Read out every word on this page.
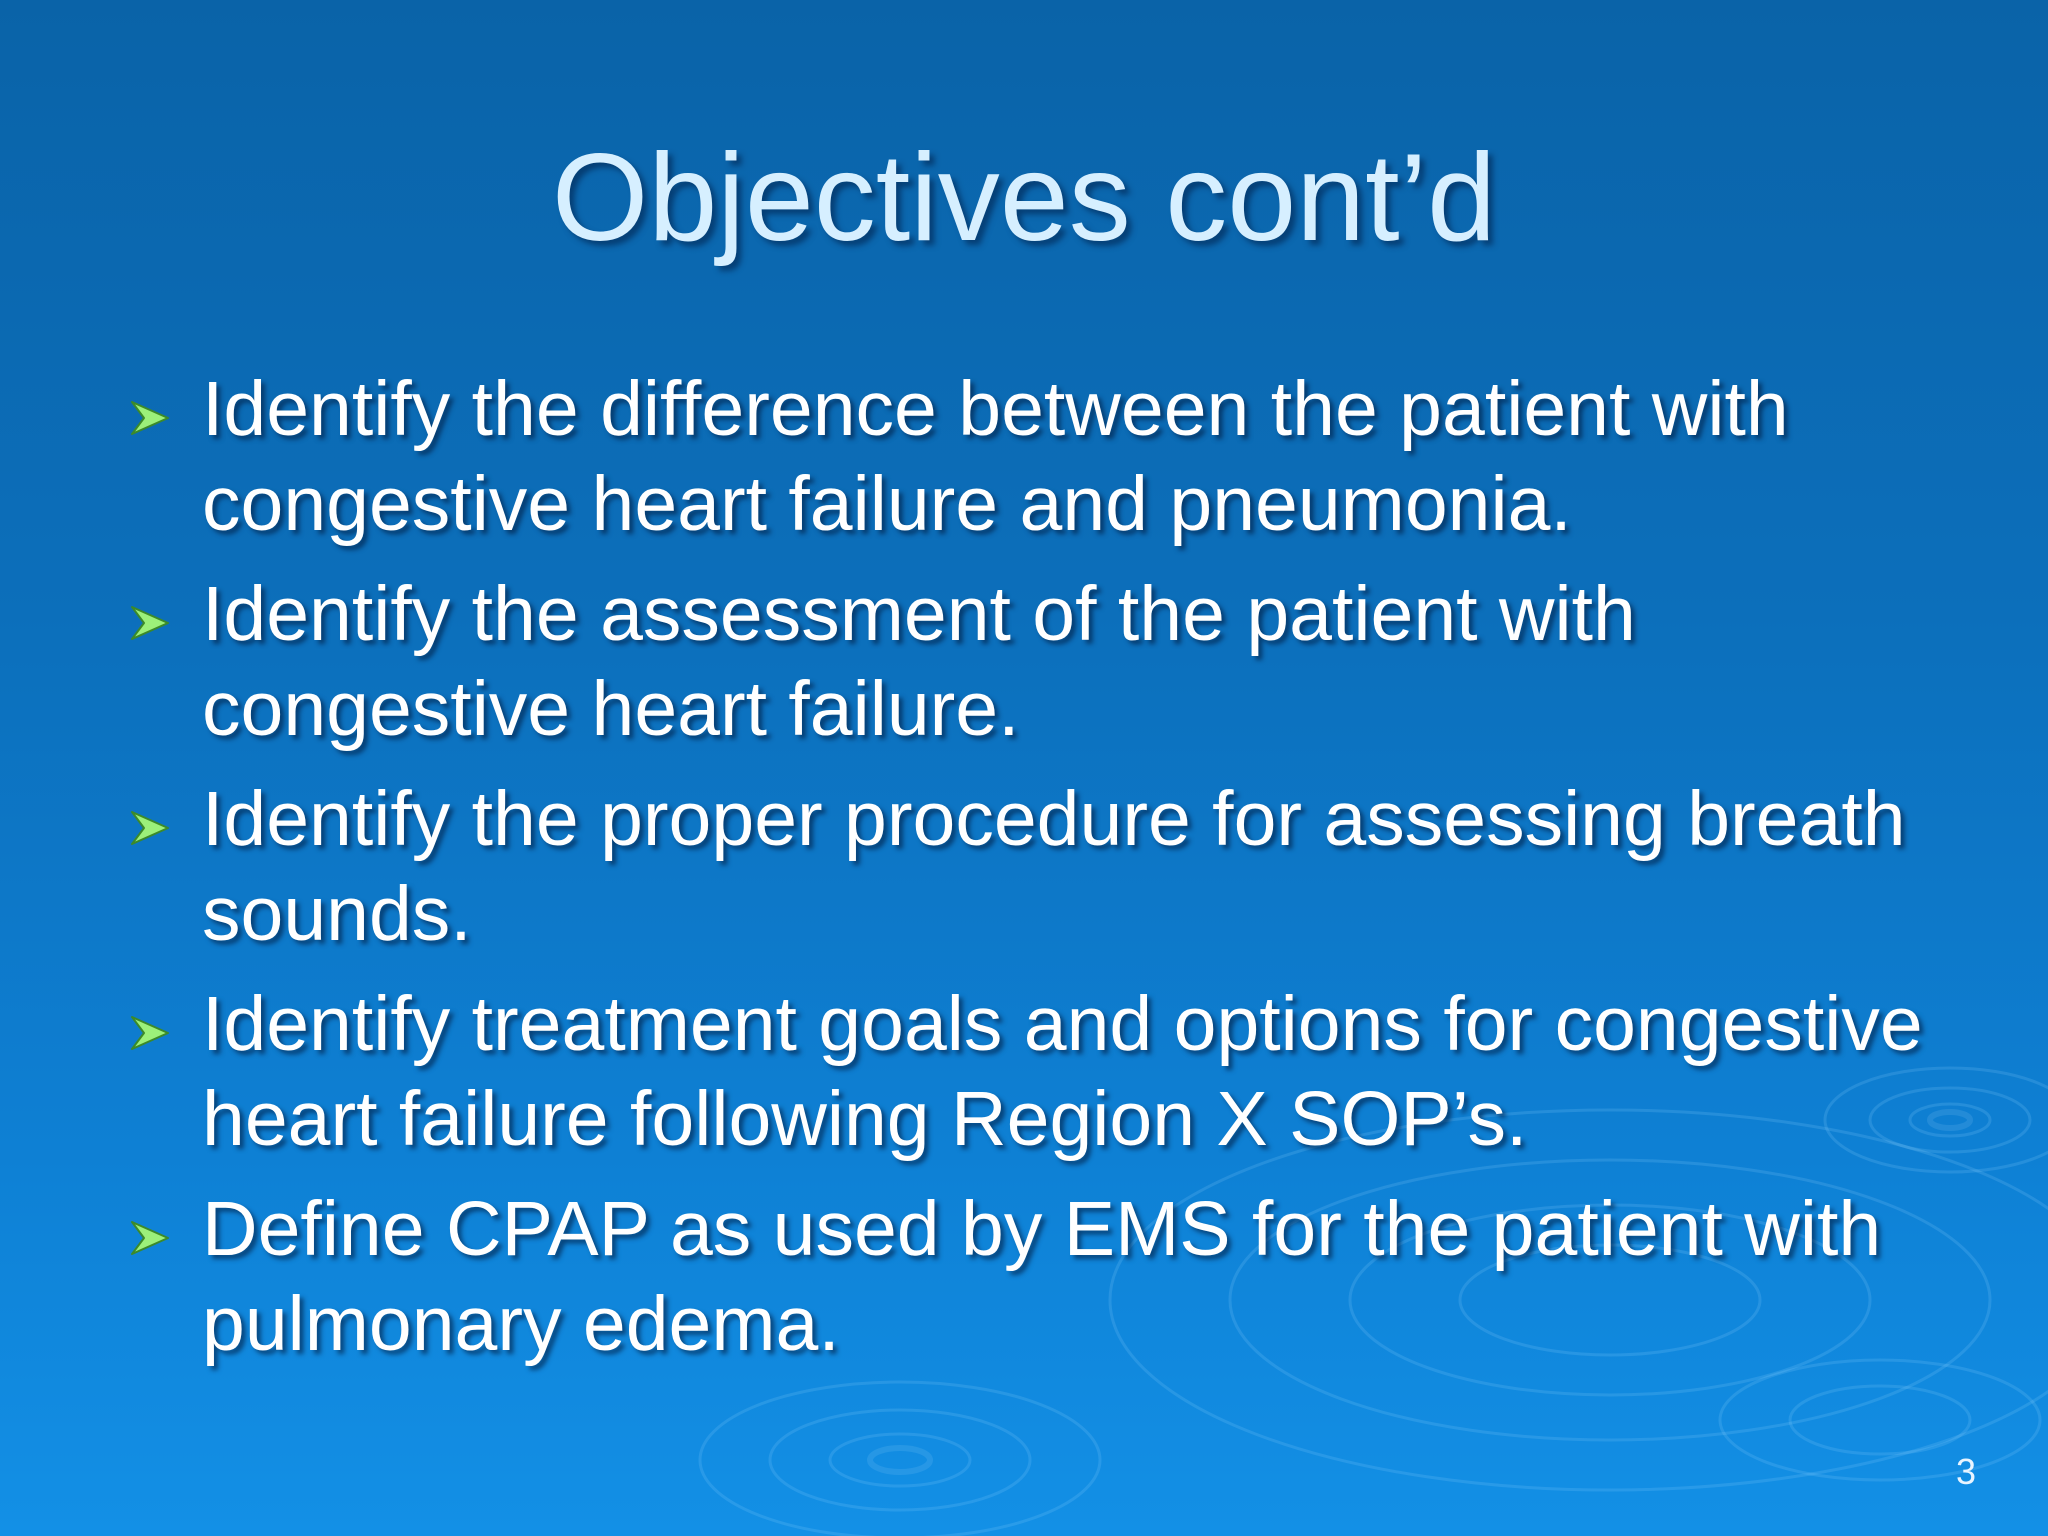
Objectives cont’d
Identify the difference between the patient with congestive heart failure and pneumonia.
Identify the assessment of the patient with congestive heart failure.
Identify the proper procedure for assessing breath sounds.
Identify treatment goals and options for congestive heart failure following Region X SOP’s.
Define CPAP as used by EMS for the patient with pulmonary edema.
3
